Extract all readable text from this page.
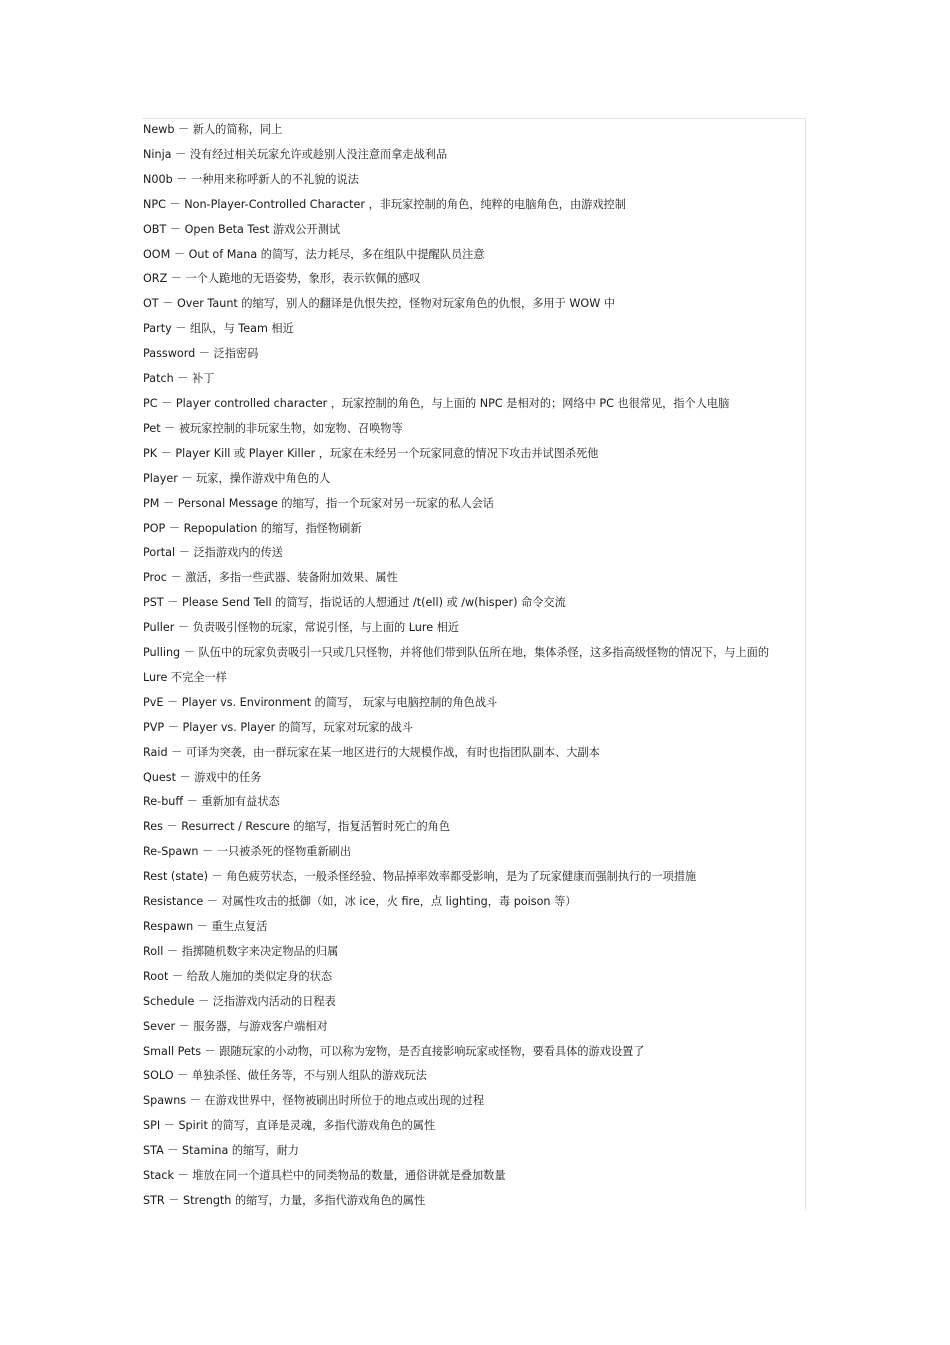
Newb － 新人的简称，同上
Ninja － 没有经过相关玩家允许或趁别人没注意而拿走战利品
N00b － 一种用来称呼新人的不礼貌的说法
NPC － Non-Player-Controlled Character ，非玩家控制的角色，纯粹的电脑角色，由游戏控制
OBT － Open Beta Test 游戏公开测试
OOM － Out of Mana 的简写，法力耗尽，多在组队中提醒队员注意
ORZ － 一个人跪地的无语姿势，象形，表示钦佩的感叹
OT － Over Taunt 的缩写，别人的翻译是仇恨失控，怪物对玩家角色的仇恨，多用于 WOW 中
Party － 组队，与 Team 相近
Password － 泛指密码
Patch － 补丁
PC － Player controlled character ，玩家控制的角色，与上面的 NPC 是相对的；网络中 PC 也很常见，指个人电脑
Pet － 被玩家控制的非玩家生物，如宠物、召唤物等
PK － Player Kill 或 Player Killer ，玩家在未经另一个玩家同意的情况下攻击并试图杀死他
Player － 玩家，操作游戏中角色的人
PM － Personal Message 的缩写，指一个玩家对另一玩家的私人会话
POP － Repopulation 的缩写，指怪物刷新
Portal － 泛指游戏内的传送
Proc － 激活，多指一些武器、装备附加效果、属性
PST － Please Send Tell 的简写，指说话的人想通过 /t(ell) 或 /w(hisper) 命令交流
Puller － 负责吸引怪物的玩家，常说引怪，与上面的 Lure 相近
Pulling － 队伍中的玩家负责吸引一只或几只怪物，并将他们带到队伍所在地，集体杀怪，这多指高级怪物的情况下，与上面的 Lure 不完全一样
PvE － Player vs. Environment 的简写， 玩家与电脑控制的角色战斗
PVP － Player vs. Player 的简写，玩家对玩家的战斗
Raid － 可译为突袭，由一群玩家在某一地区进行的大规模作战，有时也指团队副本、大副本
Quest － 游戏中的任务
Re-buff － 重新加有益状态
Res － Resurrect / Rescure 的缩写，指复活暂时死亡的角色
Re-Spawn － 一只被杀死的怪物重新刷出
Rest (state) － 角色疲劳状态，一般杀怪经验、物品掉率效率都受影响，是为了玩家健康而强制执行的一项措施
Resistance － 对属性攻击的抵御（如，冰 ice，火 fire，点 lighting，毒 poison 等）
Respawn － 重生点复活
Roll － 指掷随机数字来决定物品的归属
Root － 给敌人施加的类似定身的状态
Schedule － 泛指游戏内活动的日程表
Sever － 服务器，与游戏客户端相对
Small Pets － 跟随玩家的小动物，可以称为宠物，是否直接影响玩家或怪物，要看具体的游戏设置了
SOLO － 单独杀怪、做任务等，不与别人组队的游戏玩法
Spawns － 在游戏世界中，怪物被刷出时所位于的地点或出现的过程
SPI － Spirit 的简写，直译是灵魂，多指代游戏角色的属性
STA － Stamina 的缩写，耐力
Stack － 堆放在同一个道具栏中的同类物品的数量，通俗讲就是叠加数量
STR － Strength 的缩写，力量，多指代游戏角色的属性
